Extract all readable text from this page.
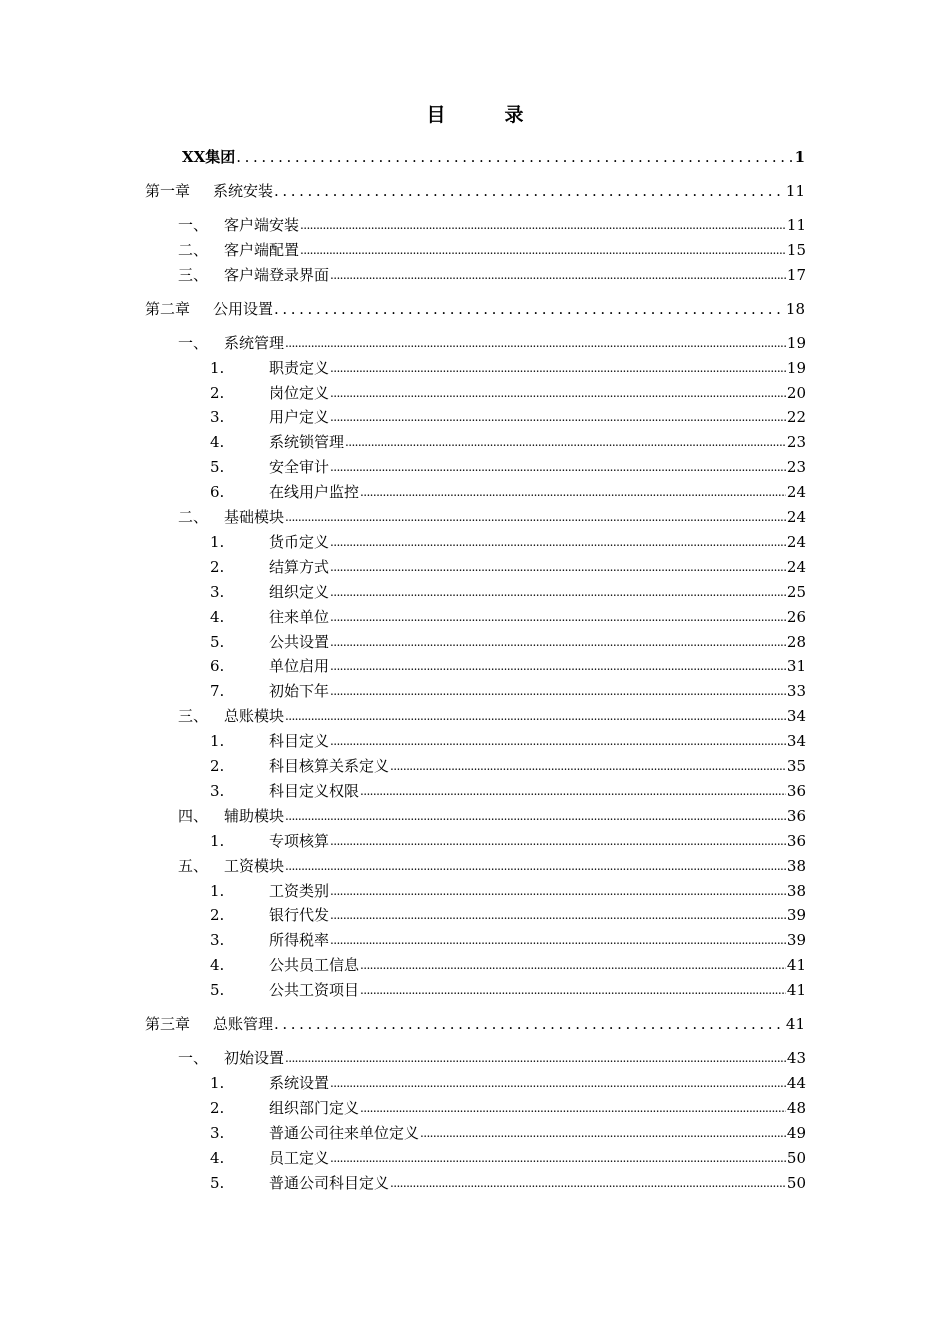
目　录
XX集团 .....	1
第一章	系统安装 .....	11
一、	客户端安装 .....	11
二、	客户端配置 .....	15
三、	客户端登录界面 .....	17
第二章	公用设置 .....	18
一、	系统管理 .....	19
1.	职责定义 .....	19
2.	岗位定义 .....	20
3.	用户定义 .....	22
4.	系统锁管理 .....	23
5.	安全审计 .....	23
6.	在线用户监控 .....	24
二、	基础模块 .....	24
1.	货币定义 .....	24
2.	结算方式 .....	24
3.	组织定义 .....	25
4.	往来单位 .....	26
5.	公共设置 .....	28
6.	单位启用 .....	31
7.	初始下年 .....	33
三、	总账模块 .....	34
1.	科目定义 .....	34
2.	科目核算关系定义 .....	35
3.	科目定义权限 .....	36
四、	辅助模块 .....	36
1.	专项核算 .....	36
五、	工资模块 .....	38
1.	工资类别 .....	38
2.	银行代发 .....	39
3.	所得税率 .....	39
4.	公共员工信息 .....	41
5.	公共工资项目 .....	41
第三章	总账管理 .....	41
一、	初始设置 .....	43
1.	系统设置 .....	44
2.	组织部门定义 .....	48
3.	普通公司往来单位定义 .....	49
4.	员工定义 .....	50
5.	普通公司科目定义 .....	50
